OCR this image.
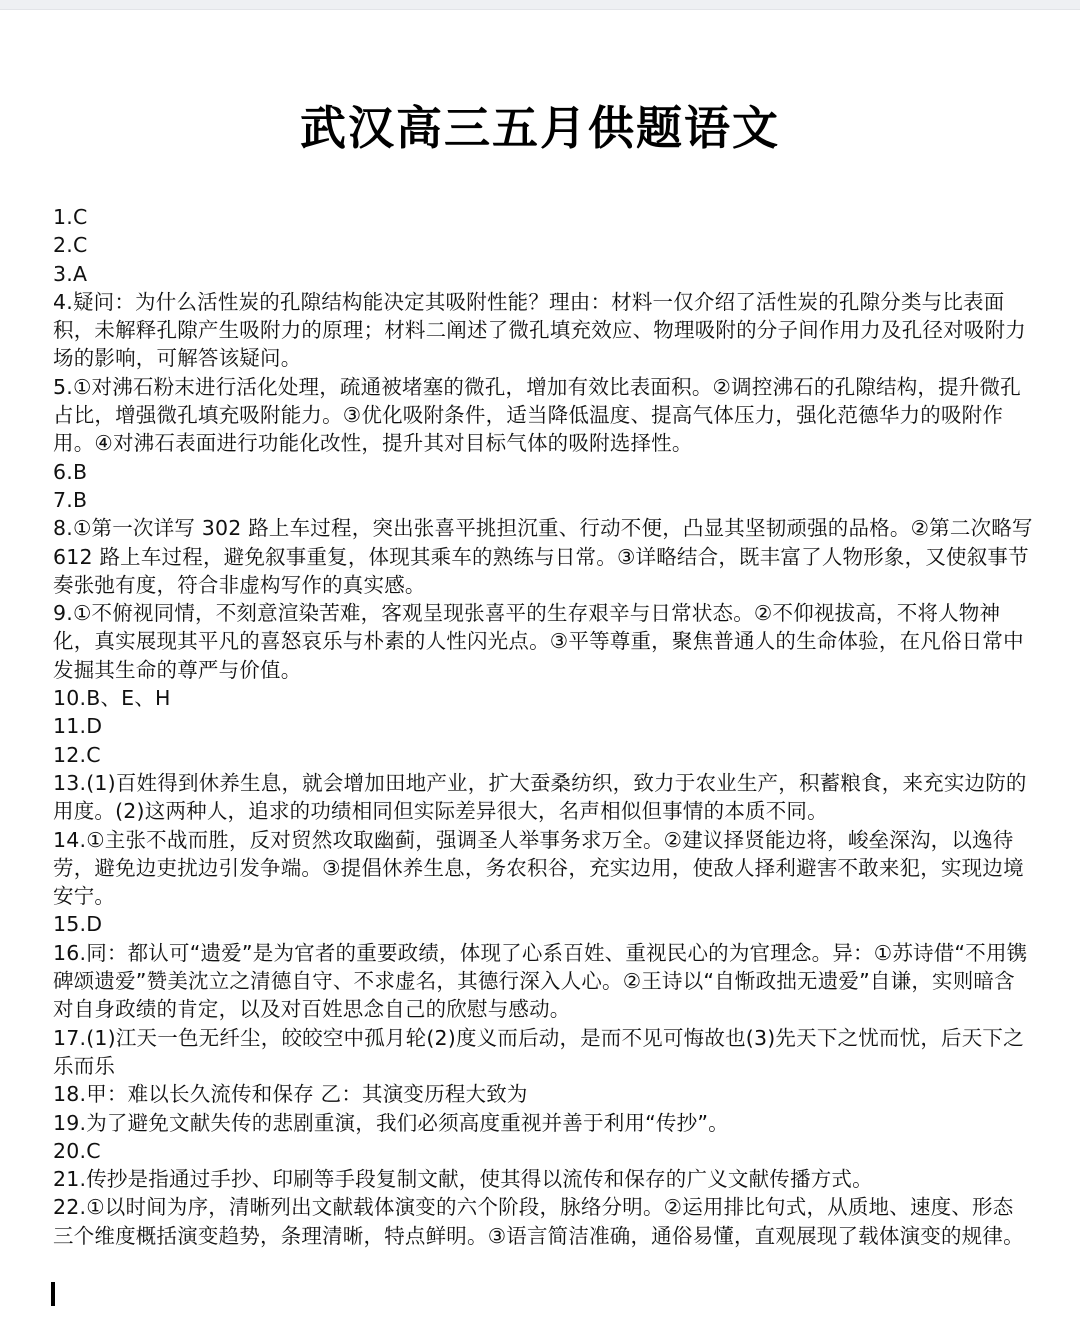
武汉高三五月供题语文
1.C
2.C
3.A
4.疑问：为什么活性炭的孔隙结构能决定其吸附性能？理由：材料一仅介绍了活性炭的孔隙分类与比表面积，未解释孔隙产生吸附力的原理；材料二阐述了微孔填充效应、物理吸附的分子间作用力及孔径对吸附力场的影响，可解答该疑问。
5.①对沸石粉末进行活化处理，疏通被堵塞的微孔，增加有效比表面积。②调控沸石的孔隙结构，提升微孔占比，增强微孔填充吸附能力。③优化吸附条件，适当降低温度、提高气体压力，强化范德华力的吸附作用。④对沸石表面进行功能化改性，提升其对目标气体的吸附选择性。
6.B
7.B
8.①第一次详写 302 路上车过程，突出张喜平挑担沉重、行动不便，凸显其坚韧顽强的品格。②第二次略写 612 路上车过程，避免叙事重复，体现其乘车的熟练与日常。③详略结合，既丰富了人物形象，又使叙事节奏张弛有度，符合非虚构写作的真实感。
9.①不俯视同情，不刻意渲染苦难，客观呈现张喜平的生存艰辛与日常状态。②不仰视拔高，不将人物神化，真实展现其平凡的喜怒哀乐与朴素的人性闪光点。③平等尊重，聚焦普通人的生命体验，在凡俗日常中发掘其生命的尊严与价值。
10.B、E、H
11.D
12.C
13.(1)百姓得到休养生息，就会增加田地产业，扩大蚕桑纺织，致力于农业生产，积蓄粮食，来充实边防的用度。(2)这两种人，追求的功绩相同但实际差异很大，名声相似但事情的本质不同。
14.①主张不战而胜，反对贸然攻取幽蓟，强调圣人举事务求万全。②建议择贤能边将，峻垒深沟，以逸待劳，避免边吏扰边引发争端。③提倡休养生息，务农积谷，充实边用，使敌人择利避害不敢来犯，实现边境安宁。
15.D
16.同：都认可“遗爱”是为官者的重要政绩，体现了心系百姓、重视民心的为官理念。异：①苏诗借“不用镌碑颂遗爱”赞美沈立之清德自守、不求虚名，其德行深入人心。②王诗以“自惭政拙无遗爱”自谦，实则暗含对自身政绩的肯定，以及对百姓思念自己的欣慰与感动。
17.(1)江天一色无纤尘，皎皎空中孤月轮(2)度义而后动，是而不见可悔故也(3)先天下之忧而忧，后天下之乐而乐
18.甲：难以长久流传和保存 乙：其演变历程大致为
19.为了避免文献失传的悲剧重演，我们必须高度重视并善于利用“传抄”。
20.C
21.传抄是指通过手抄、印刷等手段复制文献，使其得以流传和保存的广义文献传播方式。
22.①以时间为序，清晰列出文献载体演变的六个阶段，脉络分明。②运用排比句式，从质地、速度、形态三个维度概括演变趋势，条理清晰，特点鲜明。③语言简洁准确，通俗易懂，直观展现了载体演变的规律。
